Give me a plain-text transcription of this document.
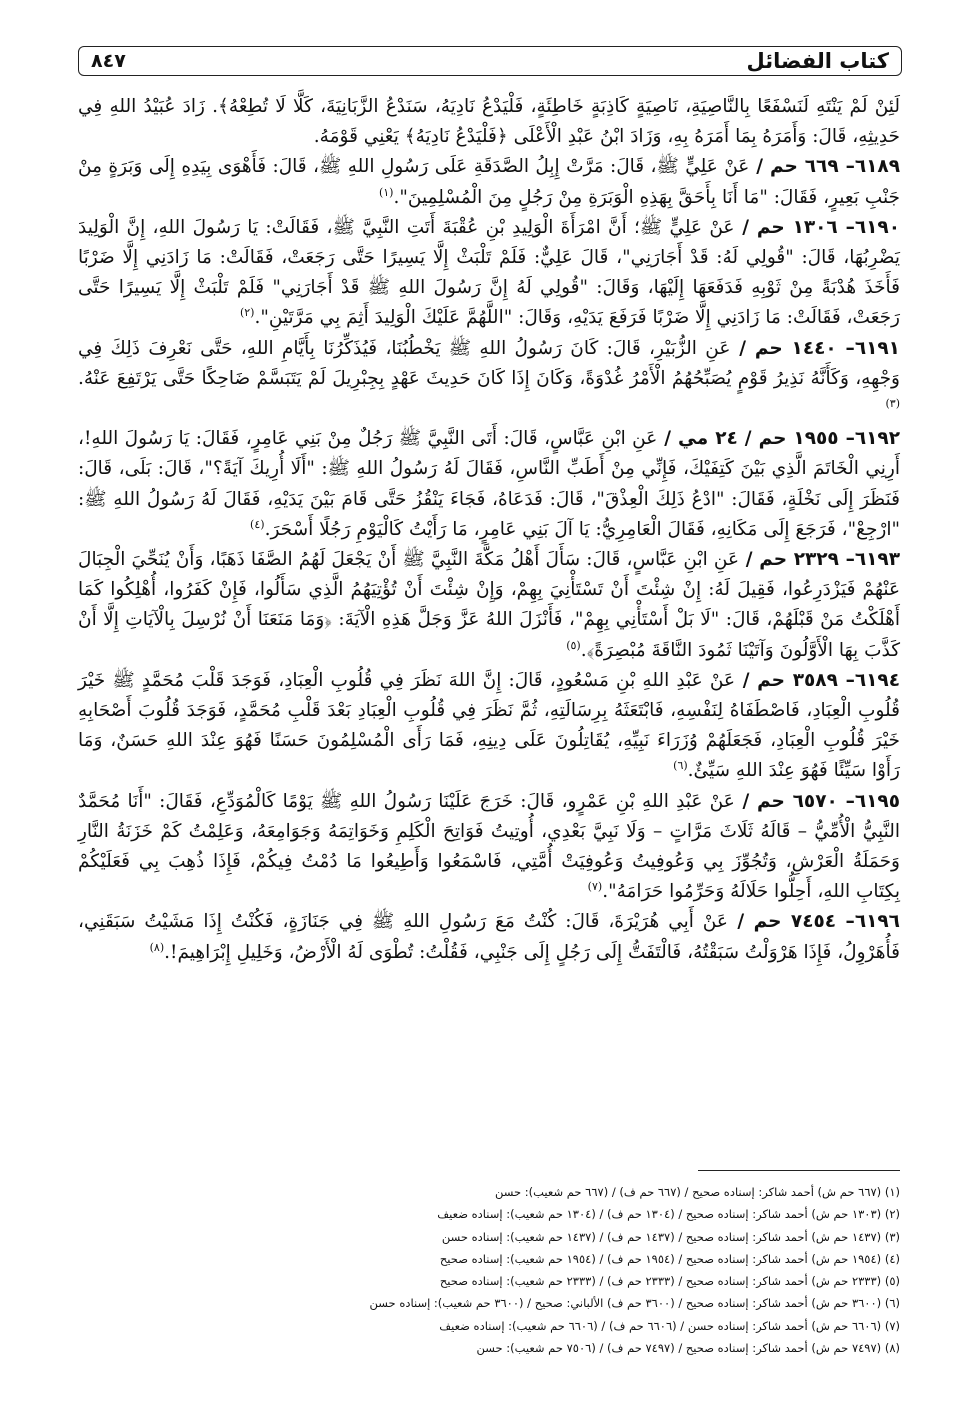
كتاب الفضائل
٨٤٧

لَئِنْ لَمْ يَنْتَهِ لَنَسْفَعًا بِالنَّاصِيَةِ، نَاصِيَةٍ كَاذِبَةٍ خَاطِئَةٍ، فَلْيَدْعُ نَادِيَهُ، سَنَدْعُ الزَّبَانِيَةَ، كَلَّا لَا تُطِعْهُ﴾. زَادَ عُبَيْدُ اللهِ فِي حَدِيثِهِ، قَالَ: وَأَمَرَهُ بِمَا أَمَرَهُ بِهِ، وَزَادَ ابْنُ عَبْدِ الْأَعْلَى ﴿فَلْيَدْعُ نَادِيَهُ﴾ يَعْنِي قَوْمَهُ.

٦١٨٩– ٦٦٩ حم / عَنْ عَلِيٍّ ﷺ، قَالَ: مَرَّتْ إِبِلُ الصَّدَقَةِ عَلَى رَسُولِ اللهِ ﷺ، قَالَ: فَأَهْوَى بِيَدِهِ إِلَى وَبَرَةٍ مِنْ جَنْبِ بَعِيرٍ، فَقَالَ: "مَا أَنَا بِأَحَقَّ بِهَذِهِ الْوَبَرَةِ مِنْ رَجُلٍ مِنَ الْمُسْلِمِينَ".$^{(١)}$

٦١٩٠– ١٣٠٦ حم / عَنْ عَلِيٍّ ﷺ؛ أَنَّ امْرَأَةَ الْوَلِيدِ بْنِ عُقْبَةَ أَتَتِ النَّبِيَّ ﷺ، فَقَالَتْ: يَا رَسُولَ اللهِ، إِنَّ الْوَلِيدَ يَضْرِبُهَا، قَالَ: "قُولِي لَهُ: قَدْ أَجَارَنِي"، قَالَ عَلِيٌّ: فَلَمْ تَلْبَثْ إِلَّا يَسِيرًا حَتَّى رَجَعَتْ، فَقَالَتْ: مَا زَادَنِي إِلَّا ضَرْبًا فَأَخَذَ هُدْبَةً مِنْ ثَوْبِهِ فَدَفَعَهَا إِلَيْهَا، وَقَالَ: "قُولِي لَهُ إِنَّ رَسُولَ اللهِ ﷺ قَدْ أَجَارَنِي" فَلَمْ تَلْبَثْ إِلَّا يَسِيرًا حَتَّى رَجَعَتْ، فَقَالَتْ: مَا زَادَنِي إِلَّا ضَرْبًا فَرَفَعَ يَدَيْهِ، وَقَالَ: "اللَّهُمَّ عَلَيْكَ الْوَلِيدَ أَثِمَ بِي مَرَّتَيْنِ".$^{(٢)}$

٦١٩١– ١٤٤٠ حم / عَنِ الزُّبَيْرِ، قَالَ: كَانَ رَسُولُ اللهِ ﷺ يَخْطُبُنَا، فَيُذَكِّرُنَا بِأَيَّامِ اللهِ، حَتَّى نَعْرِفَ ذَلِكَ فِي وَجْهِهِ، وَكَأَنَّهُ نَذِيرُ قَوْمٍ يُصَبِّحُهُمُ الْأَمْرُ غُدْوَةً، وَكَانَ إِذَا كَانَ حَدِيثَ عَهْدٍ بِجِبْرِيلَ لَمْ يَتَبَسَّمْ ضَاحِكًا حَتَّى يَرْتَفِعَ عَنْهُ.$^{(٣)}$

٦١٩٢– ١٩٥٥ حم / ٢٤ مي / عَنِ ابْنِ عَبَّاسٍ، قَالَ: أَتَى النَّبِيَّ ﷺ رَجُلٌ مِنْ بَنِي عَامِرٍ، فَقَالَ: يَا رَسُولَ اللهِ!، أَرِنِي الْخَاتَمَ الَّذِي بَيْنَ كَتِفَيْكَ، فَإِنِّي مِنْ أَطَبِّ النَّاسِ، فَقَالَ لَهُ رَسُولُ اللهِ ﷺ: "أَلَا أُرِيكَ آيَةً؟"، قَالَ: بَلَى، قَالَ: فَنَظَرَ إِلَى نَخْلَةٍ، فَقَالَ: "ادْعُ ذَلِكَ الْعِذْقَ"، قَالَ: فَدَعَاهُ، فَجَاءَ يَنْقُزُ حَتَّى قَامَ بَيْنَ يَدَيْهِ، فَقَالَ لَهُ رَسُولُ اللهِ ﷺ: "ارْجِعْ"، فَرَجَعَ إِلَى مَكَانِهِ، فَقَالَ الْعَامِرِيُّ: يَا آلَ بَنِي عَامِرٍ، مَا رَأَيْتُ كَالْيَوْمِ رَجُلًا أَسْحَرَ.$^{(٤)}$

٦١٩٣– ٢٣٢٩ حم / عَنِ ابْنِ عَبَّاسٍ، قَالَ: سَأَلَ أَهْلُ مَكَّةَ النَّبِيَّ ﷺ أَنْ يَجْعَلَ لَهُمُ الصَّفَا ذَهَبًا، وَأَنْ يُنَحِّيَ الْجِبَالَ عَنْهُمْ فَيَزْدَرِعُوا، فَقِيلَ لَهُ: إِنْ شِئْتَ أَنْ تَسْتَأْنِيَ بِهِمْ، وَإِنْ شِئْتَ أَنْ تُؤْتِيَهُمُ الَّذِي سَأَلُوا، فَإِنْ كَفَرُوا، أُهْلِكُوا كَمَا أَهْلَكْتُ مَنْ قَبْلَهُمْ، قَالَ: "لَا بَلْ أَسْتَأْنِي بِهِمْ"، فَأَنْزَلَ اللهُ عَزَّ وَجَلَّ هَذِهِ الْآيَةَ: ﴿وَمَا مَنَعَنَا أَنْ نُرْسِلَ بِالْآيَاتِ إِلَّا أَنْ كَذَّبَ بِهَا الْأَوَّلُونَ وَآتَيْنَا ثَمُودَ النَّاقَةَ مُبْصِرَةً﴾.$^{(٥)}$

٦١٩٤– ٣٥٨٩ حم / عَنْ عَبْدِ اللهِ بْنِ مَسْعُودٍ، قَالَ: إِنَّ اللهَ نَظَرَ فِي قُلُوبِ الْعِبَادِ، فَوَجَدَ قَلْبَ مُحَمَّدٍ ﷺ خَيْرَ قُلُوبِ الْعِبَادِ، فَاصْطَفَاهُ لِنَفْسِهِ، فَابْتَعَثَهُ بِرِسَالَتِهِ، ثُمَّ نَظَرَ فِي قُلُوبِ الْعِبَادِ بَعْدَ قَلْبِ مُحَمَّدٍ، فَوَجَدَ قُلُوبَ أَصْحَابِهِ خَيْرَ قُلُوبِ الْعِبَادِ، فَجَعَلَهُمْ وُزَرَاءَ نَبِيِّهِ، يُقَاتِلُونَ عَلَى دِينِهِ، فَمَا رَأَى الْمُسْلِمُونَ حَسَنًا فَهُوَ عِنْدَ اللهِ حَسَنٌ، وَمَا رَأَوْا سَيِّئًا فَهُوَ عِنْدَ اللهِ سَيِّئٌ.$^{(٦)}$

٦١٩٥– ٦٥٧٠ حم / عَنْ عَبْدِ اللهِ بْنِ عَمْرٍو، قَالَ: خَرَجَ عَلَيْنَا رَسُولُ اللهِ ﷺ يَوْمًا كَالْمُوَدِّعِ، فَقَالَ: "أَنَا مُحَمَّدٌ النَّبِيُّ الْأُمِّيُّ – قَالَهُ ثَلَاثَ مَرَّاتٍ – وَلَا نَبِيَّ بَعْدِي، أُوتِيتُ فَوَاتِحَ الْكَلِمِ وَخَوَاتِمَهُ وَجَوَامِعَهُ، وَعَلِمْتُ كَمْ خَزَنَةُ النَّارِ وَحَمَلَةُ الْعَرْشِ، وَتُجُوِّزَ بِي وَعُوفِيتُ وَعُوفِيَتْ أُمَّتِي، فَاسْمَعُوا وَأَطِيعُوا مَا دُمْتُ فِيكُمْ، فَإِذَا ذُهِبَ بِي فَعَلَيْكُمْ بِكِتَابِ اللهِ، أَحِلُّوا حَلَالَهُ وَحَرِّمُوا حَرَامَهُ".$^{(٧)}$

٦١٩٦– ٧٤٥٤ حم / عَنْ أَبِي هُرَيْرَةَ، قَالَ: كُنْتُ مَعَ رَسُولِ اللهِ ﷺ فِي جَنَازَةٍ، فَكُنْتُ إِذَا مَشَيْتُ سَبَقَنِي، فَأُهَرْوِلُ، فَإِذَا هَرْوَلْتُ سَبَقْتُهُ، فَالْتَفَتُّ إِلَى رَجُلٍ إِلَى جَنْبِي، فَقُلْتُ: تُطْوَى لَهُ الْأَرْضُ، وَخَلِيلِ إِبْرَاهِيمَ!.$^{(٨)}$

(١) (٦٦٧ حم ش) أحمد شاكر: إسناده صحيح / (٦٦٧ حم ف) / (٦٦٧ حم شعيب): حسن
(٢) (١٣٠٣ حم ش) أحمد شاكر: إسناده صحيح / (١٣٠٤ حم ف) / (١٣٠٤ حم شعيب): إسناده ضعيف
(٣) (١٤٣٧ حم ش) أحمد شاكر: إسناده صحيح / (١٤٣٧ حم ف) / (١٤٣٧ حم شعيب): إسناده حسن
(٤) (١٩٥٤ حم ش) أحمد شاكر: إسناده صحيح / (١٩٥٤ حم ف) / (١٩٥٤ حم شعيب): إسناده صحيح
(٥) (٢٣٣٣ حم ش) أحمد شاكر: إسناده صحيح / (٢٣٣٣ حم ف) / (٢٣٣٣ حم شعيب): إسناده صحيح
(٦) (٣٦٠٠ حم ش) أحمد شاكر: إسناده صحيح / (٣٦٠٠ حم ف) الألباني: صحيح / (٣٦٠٠ حم شعيب): إسناده حسن
(٧) (٦٦٠٦ حم ش) أحمد شاكر: إسناده حسن / (٦٦٠٦ حم ف) / (٦٦٠٦ حم شعيب): إسناده ضعيف
(٨) (٧٤٩٧ حم ش) أحمد شاكر: إسناده صحيح / (٧٤٩٧ حم ف) / (٧٥٠٦ حم شعيب): حسن
